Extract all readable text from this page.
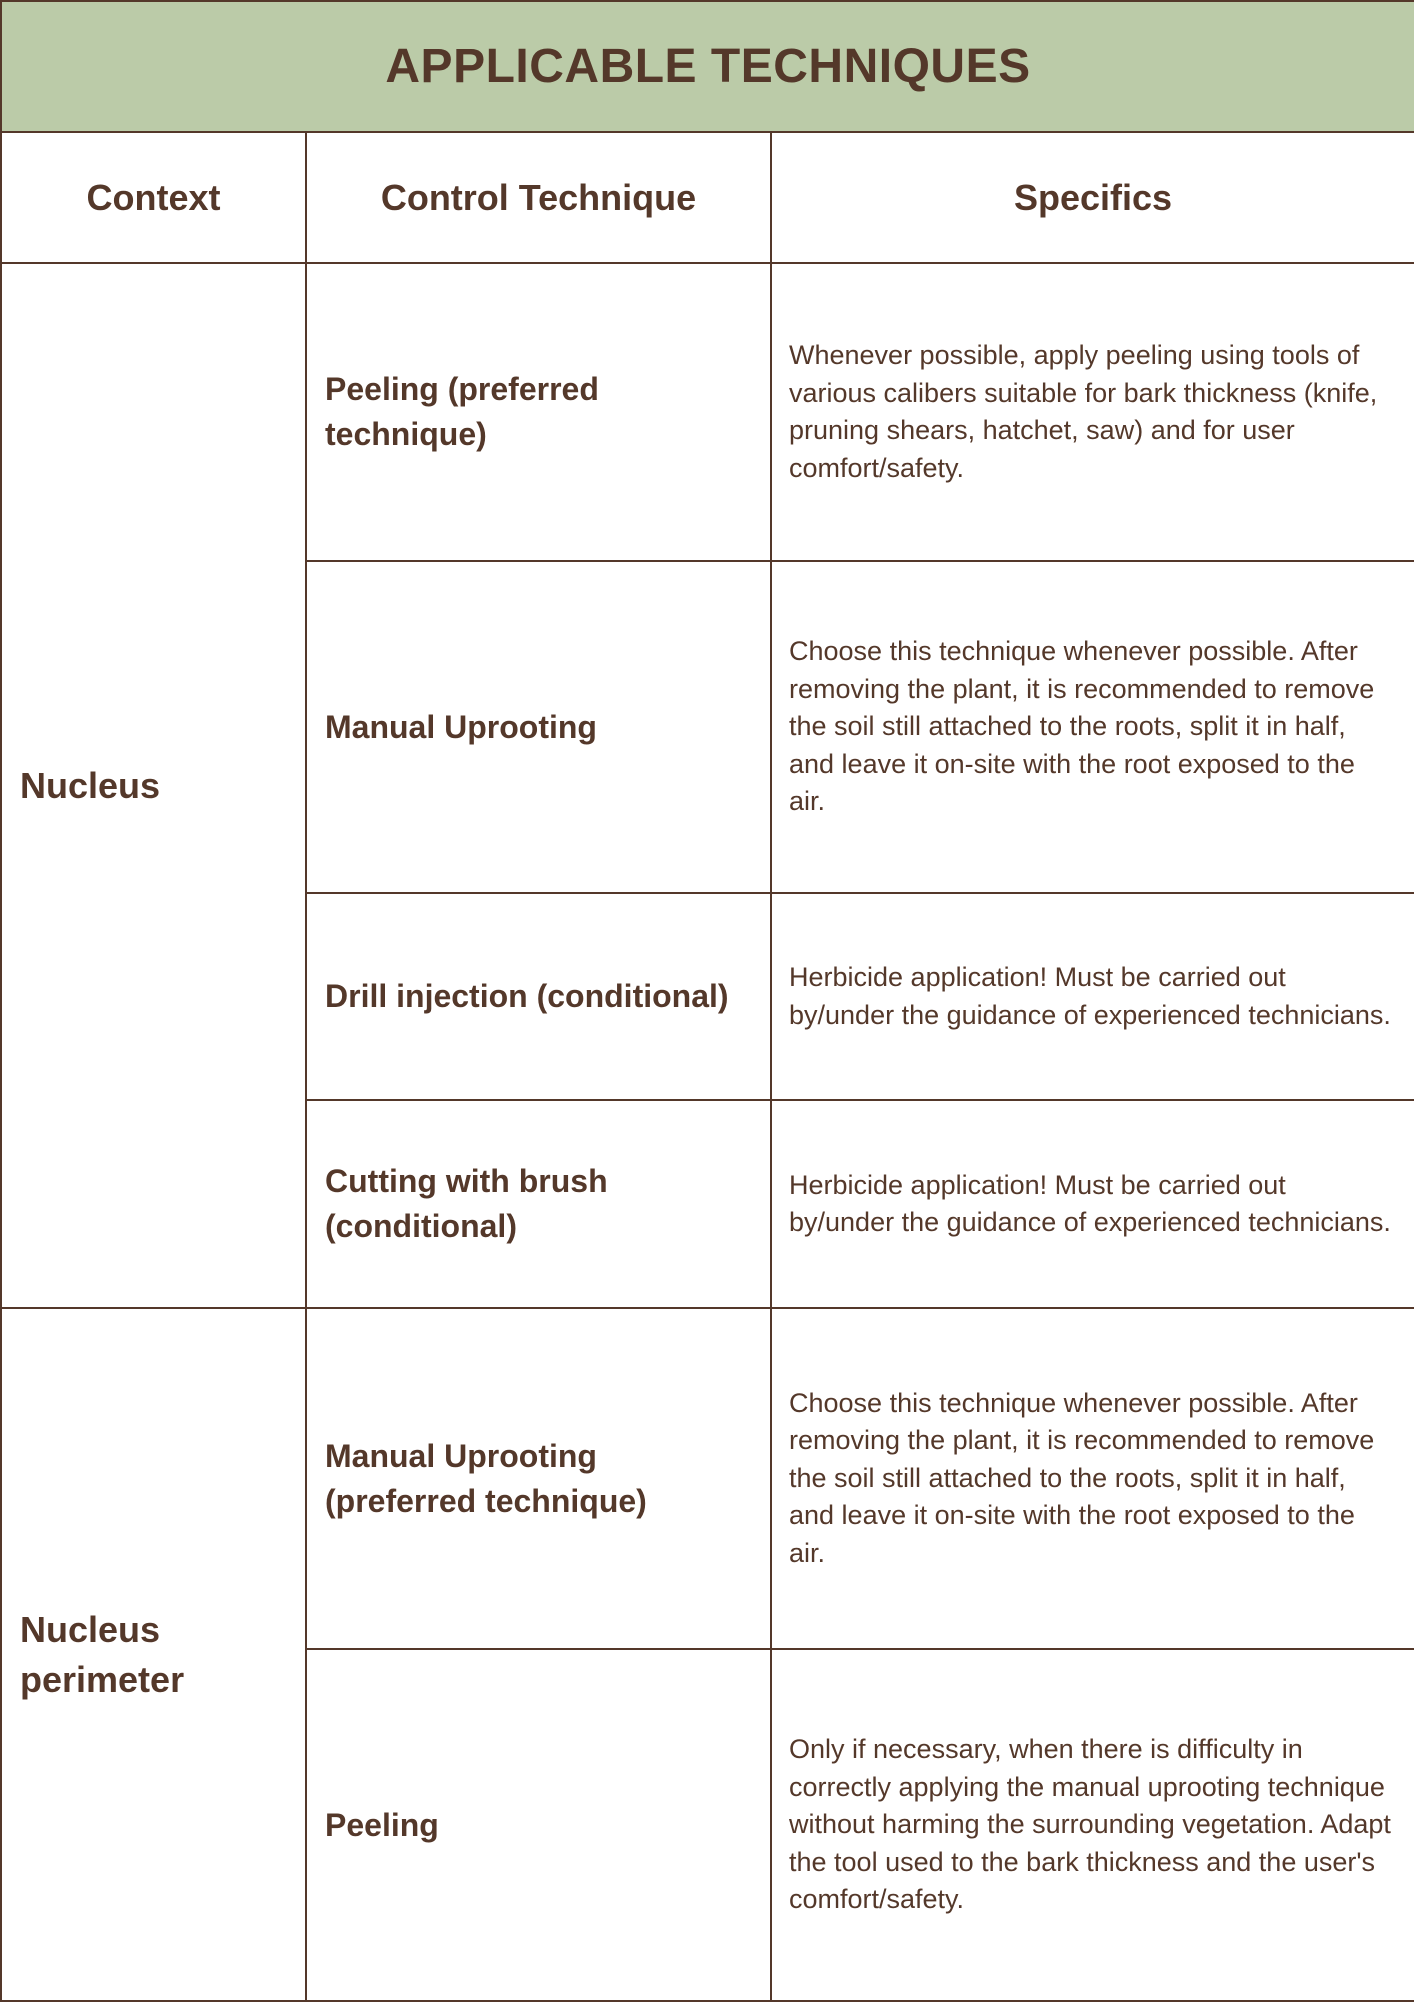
APPLICABLE TECHNIQUES		
Context	Control Technique	Specifics
Nucleus	Peeling (preferred technique)	Whenever possible, apply peeling using tools of various calibers suitable for bark thickness (knife, pruning shears, hatchet, saw) and for user comfort/safety.
	Manual Uprooting	Choose this technique whenever possible. After removing the plant, it is recommended to remove the soil still attached to the roots, split it in half, and leave it on-site with the root exposed to the air.
	Drill injection (conditional)	Herbicide application! Must be carried out by/under the guidance of experienced technicians.
	Cutting with brush (conditional)	Herbicide application! Must be carried out by/under the guidance of experienced technicians.
Nucleus perimeter	Manual Uprooting (preferred technique)	Choose this technique whenever possible. After removing the plant, it is recommended to remove the soil still attached to the roots, split it in half, and leave it on-site with the root exposed to the air.
	Peeling	Only if necessary, when there is difficulty in correctly applying the manual uprooting technique without harming the surrounding vegetation. Adapt the tool used to the bark thickness and the user's comfort/safety.
